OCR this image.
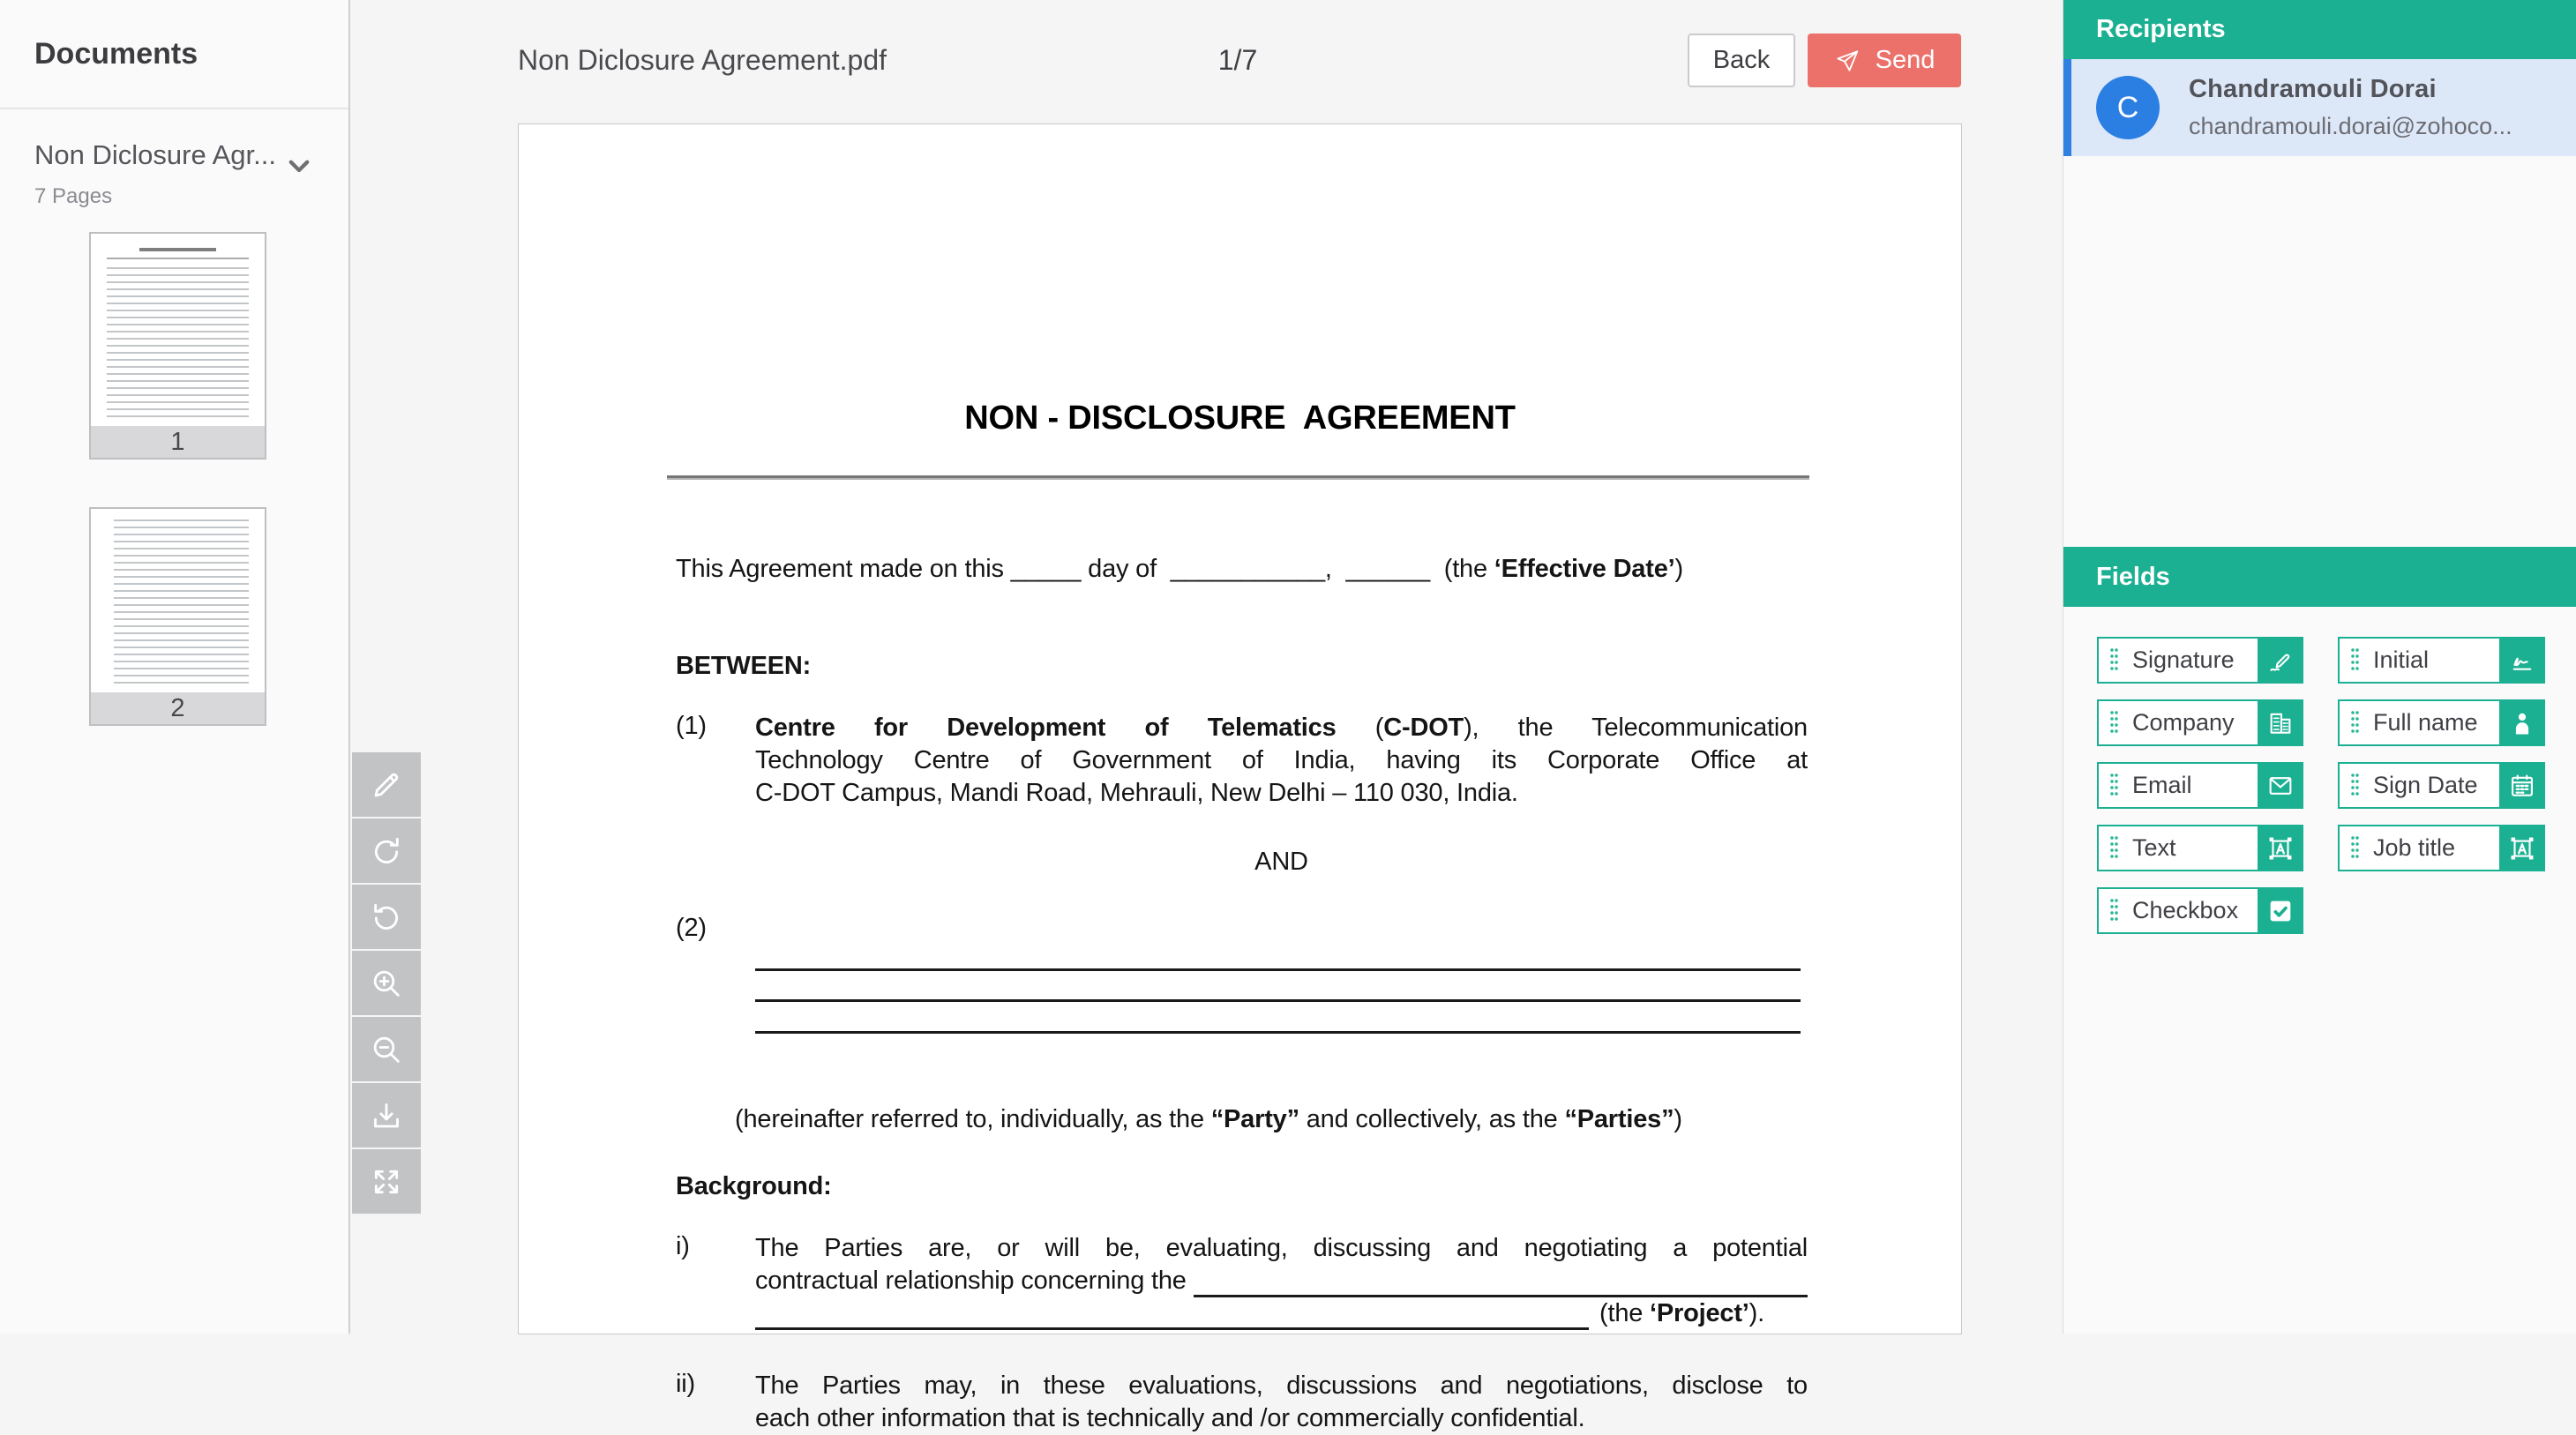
Documents
Non Diclosure Agr...
7 Pages
1
2
Non Diclosure Agreement.pdf	1/7	Back	Send
NON - DISCLOSURE  AGREEMENT
This Agreement made on this _____ day of  ___________,  ______  (the ‘Effective Date’)
BETWEEN:
(1) Centre for Development of Telematics (C-DOT), the Telecommunication
Technology Centre of Government of India, having its Corporate Office at
C-DOT Campus, Mandi Road, Mehrauli, New Delhi – 110 030, India.
AND
(2)
(hereinafter referred to, individually, as the “Party” and collectively, as the “Parties”)
Background:
i)	The Parties are, or will be, evaluating, discussing and negotiating a potential
contractual relationship concerning the
(the ‘Project’).
ii) The Parties may, in these evaluations, discussions and negotiations, disclose to
each other information that is technically and /or commercially confidential.
Recipients
C
Chandramouli Dorai
chandramouli.dorai@zohoco...
Fields
Signature	Initial
Company	Full name
Email	Sign Date
Text	Job title
Checkbox
